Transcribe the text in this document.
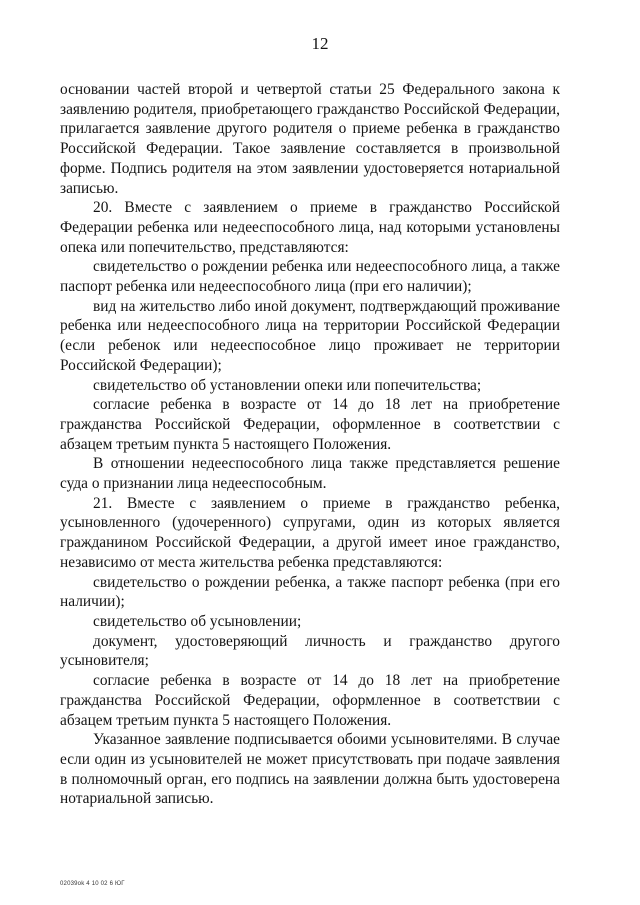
12

основании частей второй и четвертой статьи 25 Федерального закона к заявлению родителя, приобретающего гражданство Российской Федерации, прилагается заявление другого родителя о приеме ребенка в гражданство Российской Федерации. Такое заявление составляется в произвольной форме. Подпись родителя на этом заявлении удостоверяется нотариальной записью.

20. Вместе с заявлением о приеме в гражданство Российской Федерации ребенка или недееспособного лица, над которыми установлены опека или попечительство, представляются:

свидетельство о рождении ребенка или недееспособного лица, а также паспорт ребенка или недееспособного лица (при его наличии);

вид на жительство либо иной документ, подтверждающий проживание ребенка или недееспособного лица на территории Российской Федерации (если ребенок или недееспособное лицо проживает не территории Российской Федерации);

свидетельство об установлении опеки или попечительства;

согласие ребенка в возрасте от 14 до 18 лет на приобретение гражданства Российской Федерации, оформленное в соответствии с абзацем третьим пункта 5 настоящего Положения.

В отношении недееспособного лица также представляется решение суда о признании лица недееспособным.

21. Вместе с заявлением о приеме в гражданство ребенка, усыновленного (удочеренного) супругами, один из которых является гражданином Российской Федерации, а другой имеет иное гражданство, независимо от места жительства ребенка представляются:

свидетельство о рождении ребенка, а также паспорт ребенка (при его наличии);

свидетельство об усыновлении;

документ, удостоверяющий личность и гражданство другого усыновителя;

согласие ребенка в возрасте от 14 до 18 лет на приобретение гражданства Российской Федерации, оформленное в соответствии с абзацем третьим пункта 5 настоящего Положения.

Указанное заявление подписывается обоими усыновителями. В случае если один из усыновителей не может присутствовать при подаче заявления в полномочный орган, его подпись на заявлении должна быть удостоверена нотариальной записью.

02039ok 4 10 02 6 ЮГ
